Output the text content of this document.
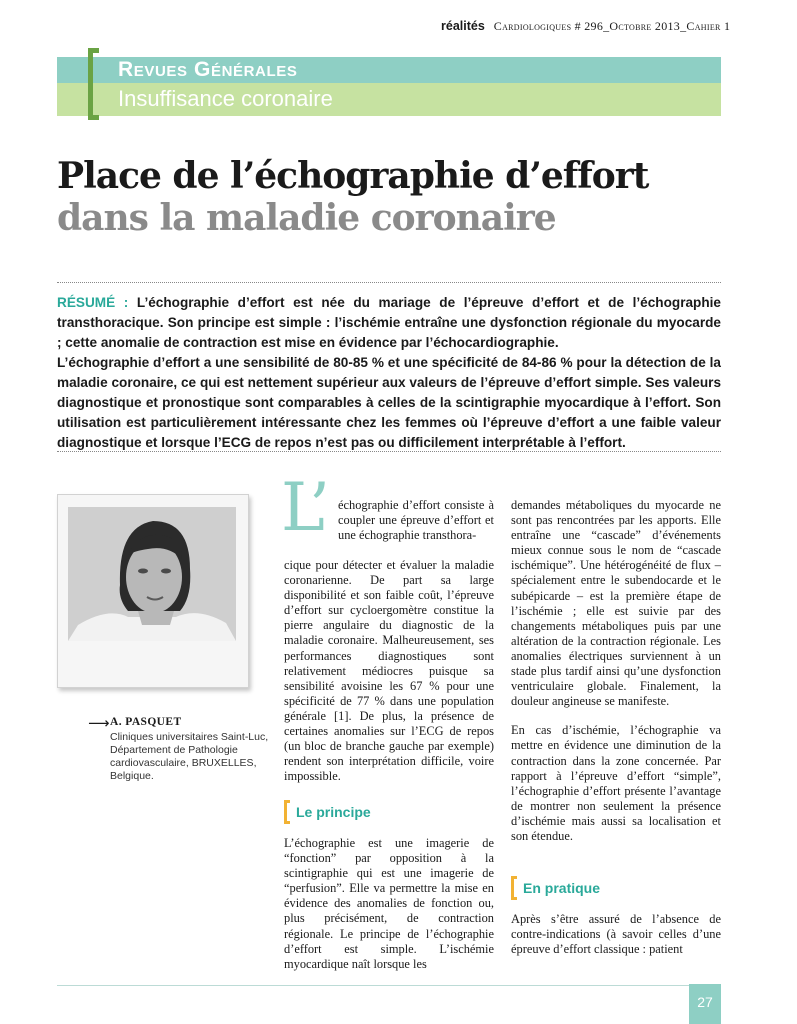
réalités Cardiologiques # 296_Octobre 2013_Cahier 1
Revues Générales
Insuffisance coronaire
Place de l’échographie d’effort
dans la maladie coronaire

RÉSUMÉ : L’échographie d’effort est née du mariage de l’épreuve d’effort et de l’échographie transthoracique. Son principe est simple : l’ischémie entraîne une dysfonction régionale du myocarde ; cette anomalie de contraction est mise en évidence par l’échocardiographie.

L’échographie d’effort a une sensibilité de 80-85 % et une spécificité de 84-86 % pour la détection de la maladie coronaire, ce qui est nettement supérieur aux valeurs de l’épreuve d’effort simple. Ses valeurs diagnostique et pronostique sont comparables à celles de la scintigraphie myocardique à l’effort. Son utilisation est particulièrement intéressante chez les femmes où l’épreuve d’effort a une faible valeur diagnostique et lorsque l’ECG de repos n’est pas ou difficilement interprétable à l’effort.

⟶ A. PASQUET
Cliniques universitaires Saint-Luc, Département de Pathologie cardiovasculaire, BRUXELLES, Belgique.
L’ échographie d’effort consiste à coupler une épreuve d’effort et une échographie transthora-
cique pour détecter et évaluer la maladie coronarienne. De part sa large disponibilité et son faible coût, l’épreuve d’effort sur cycloergomètre constitue la pierre angulaire du diagnostic de la maladie coronaire. Malheureusement, ses performances diagnostiques sont relativement médiocres puisque sa sensibilité avoisine les 67 % pour une spécificité de 77 % dans une population générale [1]. De plus, la présence de certaines anomalies sur l’ECG de repos (un bloc de branche gauche par exemple) rendent son interprétation difficile, voire impossible.
Le principe
L’échographie est une imagerie de “fonction” par opposition à la scintigraphie qui est une imagerie de “perfusion”. Elle va permettre la mise en évidence des anomalies de fonction ou, plus précisément, de contraction régionale. Le principe de l’échographie d’effort est simple. L’ischémie myocardique naît lorsque les

demandes métaboliques du myocarde ne sont pas rencontrées par les apports. Elle entraîne une “cascade” d’événements mieux connue sous le nom de “cascade ischémique”. Une hétérogénéité de flux – spécialement entre le subendocarde et le subépicarde – est la première étape de l’ischémie ; elle est suivie par des changements métaboliques puis par une altération de la contraction régionale. Les anomalies électriques surviennent à un stade plus tardif ainsi qu’une dysfonction ventriculaire globale. Finalement, la douleur angineuse se manifeste.

En cas d’ischémie, l’échographie va mettre en évidence une diminution de la contraction dans la zone concernée. Par rapport à l’épreuve d’effort “simple”, l’échographie d’effort présente l’avantage de montrer non seulement la présence d’ischémie mais aussi sa localisation et son étendue.

En pratique
Après s’être assuré de l’absence de contre-indications (à savoir celles d’une épreuve d’effort classique : patient
27
